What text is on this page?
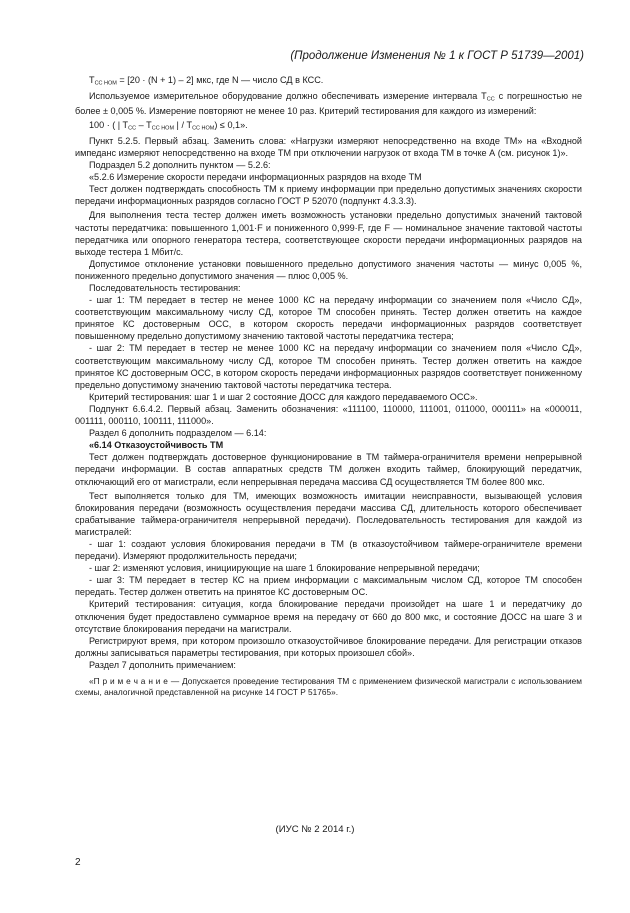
(Продолжение Изменения № 1 к ГОСТ Р 51739—2001)

$T_{СС НОМ} = [20 \cdot (N + 1) - 2]$ мкс, где N — число СД в КСС.

Используемое измерительное оборудование должно обеспечивать измерение интервала $T_{СС}$ с погрешностью не более ± 0,005 %. Измерение повторяют не менее 10 раз. Критерий тестирования для каждого из измерений:

100 · ( | $T_{СС} - T_{СС НОМ}$ | / $T_{СС НОМ}) \le 0,1$».

Пункт 5.2.5. Первый абзац. Заменить слова: «Нагрузки измеряют непосредственно на входе ТМ» на «Входной импеданс измеряют непосредственно на входе ТМ при отключении нагрузок от входа ТМ в точке А (см. рисунок 1)».

Подраздел 5.2 дополнить пунктом — 5.2.6:

«5.2.6 Измерение скорости передачи информационных разрядов на входе ТМ

Тест должен подтверждать способность ТМ к приему информации при предельно допустимых значениях скорости передачи информационных разрядов согласно ГОСТ Р 52070 (подпункт 4.3.3.3).

Для выполнения теста тестер должен иметь возможность установки предельно допустимых значений тактовой частоты передатчика: повышенного 1,001·F и пониженного 0,999·F, где F — номинальное значение тактовой частоты передатчика или опорного генератора тестера, соответствующее скорости передачи информационных разрядов на выходе тестера 1 Мбит/с.

Допустимое отклонение установки повышенного предельно допустимого значения частоты — минус 0,005 %, пониженного предельно допустимого значения — плюс 0,005 %.

Последовательность тестирования:

- шаг 1: ТМ передает в тестер не менее 1000 КС на передачу информации со значением поля «Число СД», соответствующим максимальному числу СД, которое ТМ способен принять. Тестер должен ответить на каждое принятое КС достоверным ОСС, в котором скорость передачи информационных разрядов соответствует повышенному предельно допустимому значению тактовой частоты передатчика тестера;

- шаг 2: ТМ передает в тестер не менее 1000 КС на передачу информации со значением поля «Число СД», соответствующим максимальному числу СД, которое ТМ способен принять. Тестер должен ответить на каждое принятое КС достоверным ОСС, в котором скорость передачи информационных разрядов соответствует пониженному предельно допустимому значению тактовой частоты передатчика тестера.

Критерий тестирования: шаг 1 и шаг 2 состояние ДОСС для каждого передаваемого ОСС».

Подпункт 6.6.4.2. Первый абзац. Заменить обозначения: «111100, 110000, 111001, 011000, 000111» на «000011, 001111, 000110, 100111, 111000».

Раздел 6 дополнить подразделом — 6.14:

«6.14 Отказоустойчивость ТМ

Тест должен подтверждать достоверное функционирование в ТМ таймера-ограничителя времени непрерывной передачи информации. В состав аппаратных средств ТМ должен входить таймер, блокирующий передатчик, отключающий его от магистрали, если непрерывная передача массива СД осуществляется ТМ более 800 мкс.

Тест выполняется только для ТМ, имеющих возможность имитации неисправности, вызывающей условия блокирования передачи (возможность осуществления передачи массива СД, длительность которого обеспечивает срабатывание таймера-ограничителя непрерывной передачи). Последовательность тестирования для каждой из магистралей:

- шаг 1: создают условия блокирования передачи в ТМ (в отказоустойчивом таймере-ограничителе времени передачи). Измеряют продолжительность передачи;

- шаг 2: изменяют условия, инициирующие на шаге 1 блокирование непрерывной передачи;

- шаг 3: ТМ передает в тестер КС на прием информации с максимальным числом СД, которое ТМ способен передать. Тестер должен ответить на принятое КС достоверным ОС.

Критерий тестирования: ситуация, когда блокирование передачи произойдет на шаге 1 и передатчику до отключения будет предоставлено суммарное время на передачу от 660 до 800 мкс, и состояние ДОСС на шаге 3 и отсутствие блокирования передачи на магистрали.

Регистрируют время, при котором произошло отказоустойчивое блокирование передачи. Для регистрации отказов должны записываться параметры тестирования, при которых произошел сбой».

Раздел 7 дополнить примечанием:

«П р и м е ч а н и е — Допускается проведение тестирования ТМ с применением физической магистрали с использованием схемы, аналогичной представленной на рисунке 14 ГОСТ Р 51765».

(ИУС № 2 2014 г.)
2
